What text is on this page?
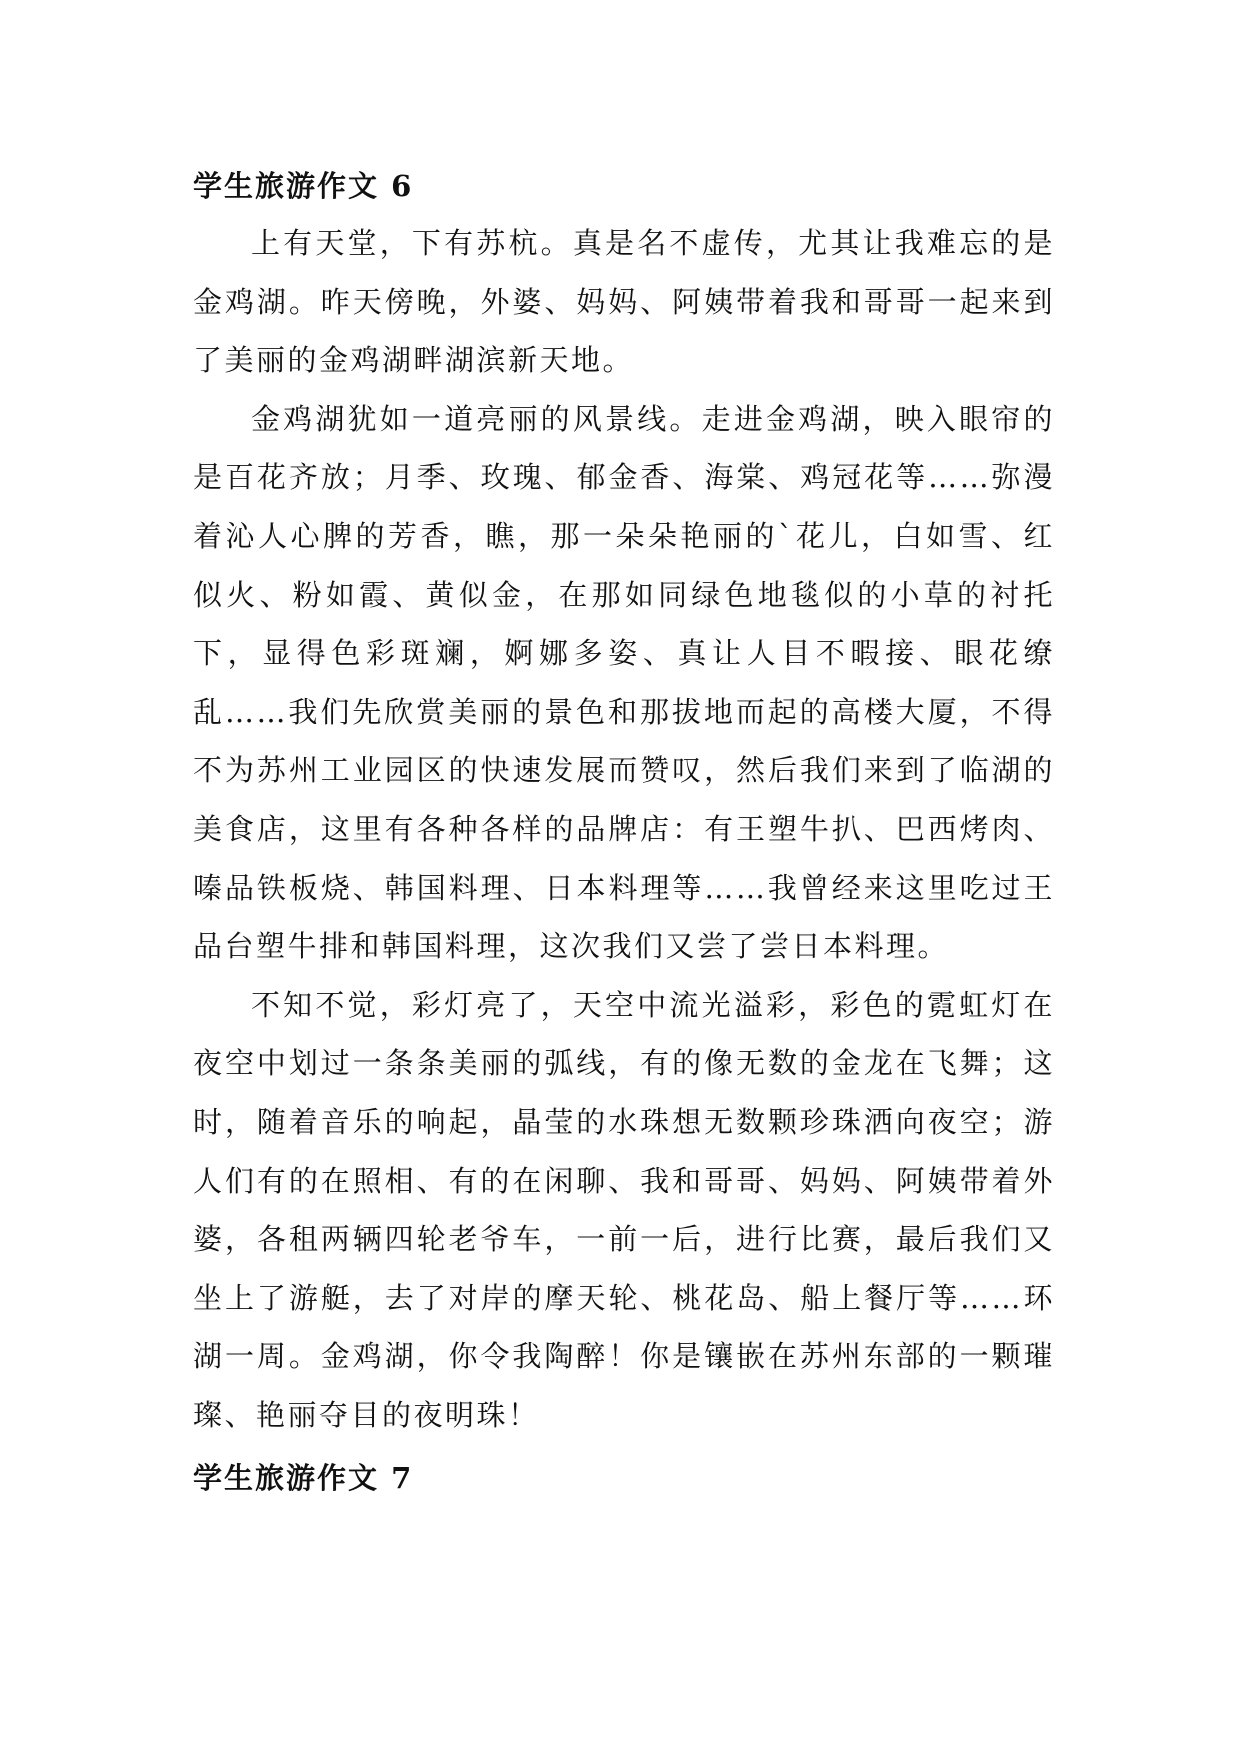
学生旅游作文 6

上有天堂，下有苏杭。真是名不虚传，尤其让我难忘的是金鸡湖。昨天傍晚，外婆、妈妈、阿姨带着我和哥哥一起来到了美丽的金鸡湖畔湖滨新天地。

金鸡湖犹如一道亮丽的风景线。走进金鸡湖，映入眼帘的是百花齐放；月季、玫瑰、郁金香、海棠、鸡冠花等……弥漫着沁人心脾的芳香，瞧，那一朵朵艳丽的`花儿，白如雪、红似火、粉如霞、黄似金，在那如同绿色地毯似的小草的衬托下，显得色彩斑斓，婀娜多姿、真让人目不暇接、眼花缭乱……我们先欣赏美丽的景色和那拔地而起的高楼大厦，不得不为苏州工业园区的快速发展而赞叹，然后我们来到了临湖的美食店，这里有各种各样的品牌店：有王塑牛扒、巴西烤肉、嗪品铁板烧、韩国料理、日本料理等……我曾经来这里吃过王品台塑牛排和韩国料理，这次我们又尝了尝日本料理。

不知不觉，彩灯亮了，天空中流光溢彩，彩色的霓虹灯在夜空中划过一条条美丽的弧线，有的像无数的金龙在飞舞；这时，随着音乐的响起，晶莹的水珠想无数颗珍珠洒向夜空；游人们有的在照相、有的在闲聊、我和哥哥、妈妈、阿姨带着外婆，各租两辆四轮老爷车，一前一后，进行比赛，最后我们又坐上了游艇，去了对岸的摩天轮、桃花岛、船上餐厅等……环湖一周。金鸡湖，你令我陶醉！你是镶嵌在苏州东部的一颗璀璨、艳丽夺目的夜明珠！

学生旅游作文 7
